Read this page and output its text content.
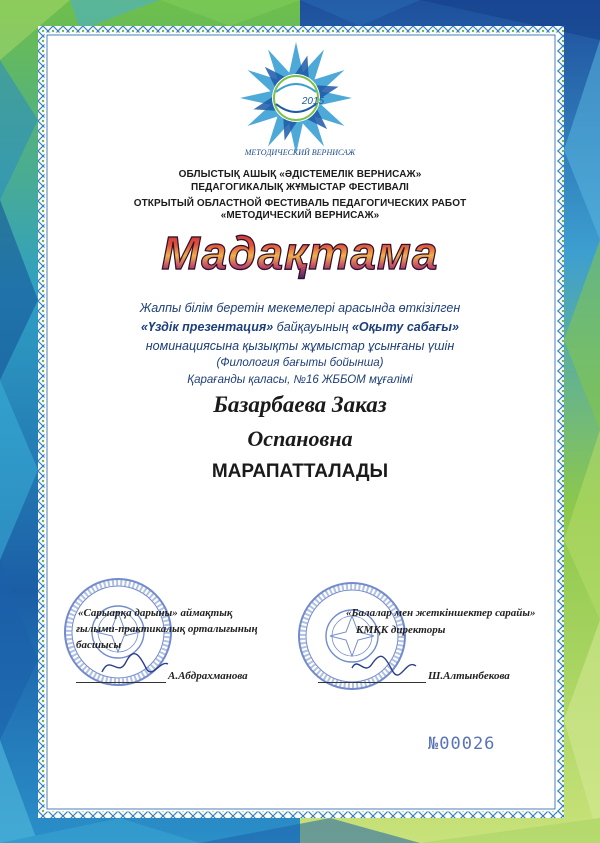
2015
МЕТОДИЧЕСКИЙ ВЕРНИСАЖ
ОБЛЫСТЫҚ АШЫҚ «ӘДІСТЕМЕЛІК ВЕРНИСАЖ»
ПЕДАГОГИКАЛЫҚ ЖҰМЫСТАР ФЕСТИВАЛІ
ОТКРЫТЫЙ ОБЛАСТНОЙ ФЕСТИВАЛЬ ПЕДАГОГИЧЕСКИХ РАБОТ
«МЕТОДИЧЕСКИЙ ВЕРНИСАЖ»
Мадақтама
Жалпы білім беретін мекемелері арасында өткізілген
«Үздік презентация» байқауының «Оқыту сабағы»
номинациясына қызықты жұмыстар ұсынғаны үшін
(Филология бағыты бойынша)
Қарағанды қаласы, №16 ЖББОМ мұғалімі
Базарбаева Заказ
Оспановна
МАРАПАТТАЛАДЫ
«Сарыарқа дарыны» аймақтық
ғылыми-практикалық орталығының
басшысы
А.Абдрахманова
«Балалар мен жеткіншектер сарайы»
КМҚК директоры
Ш.Алтынбекова
№00026
